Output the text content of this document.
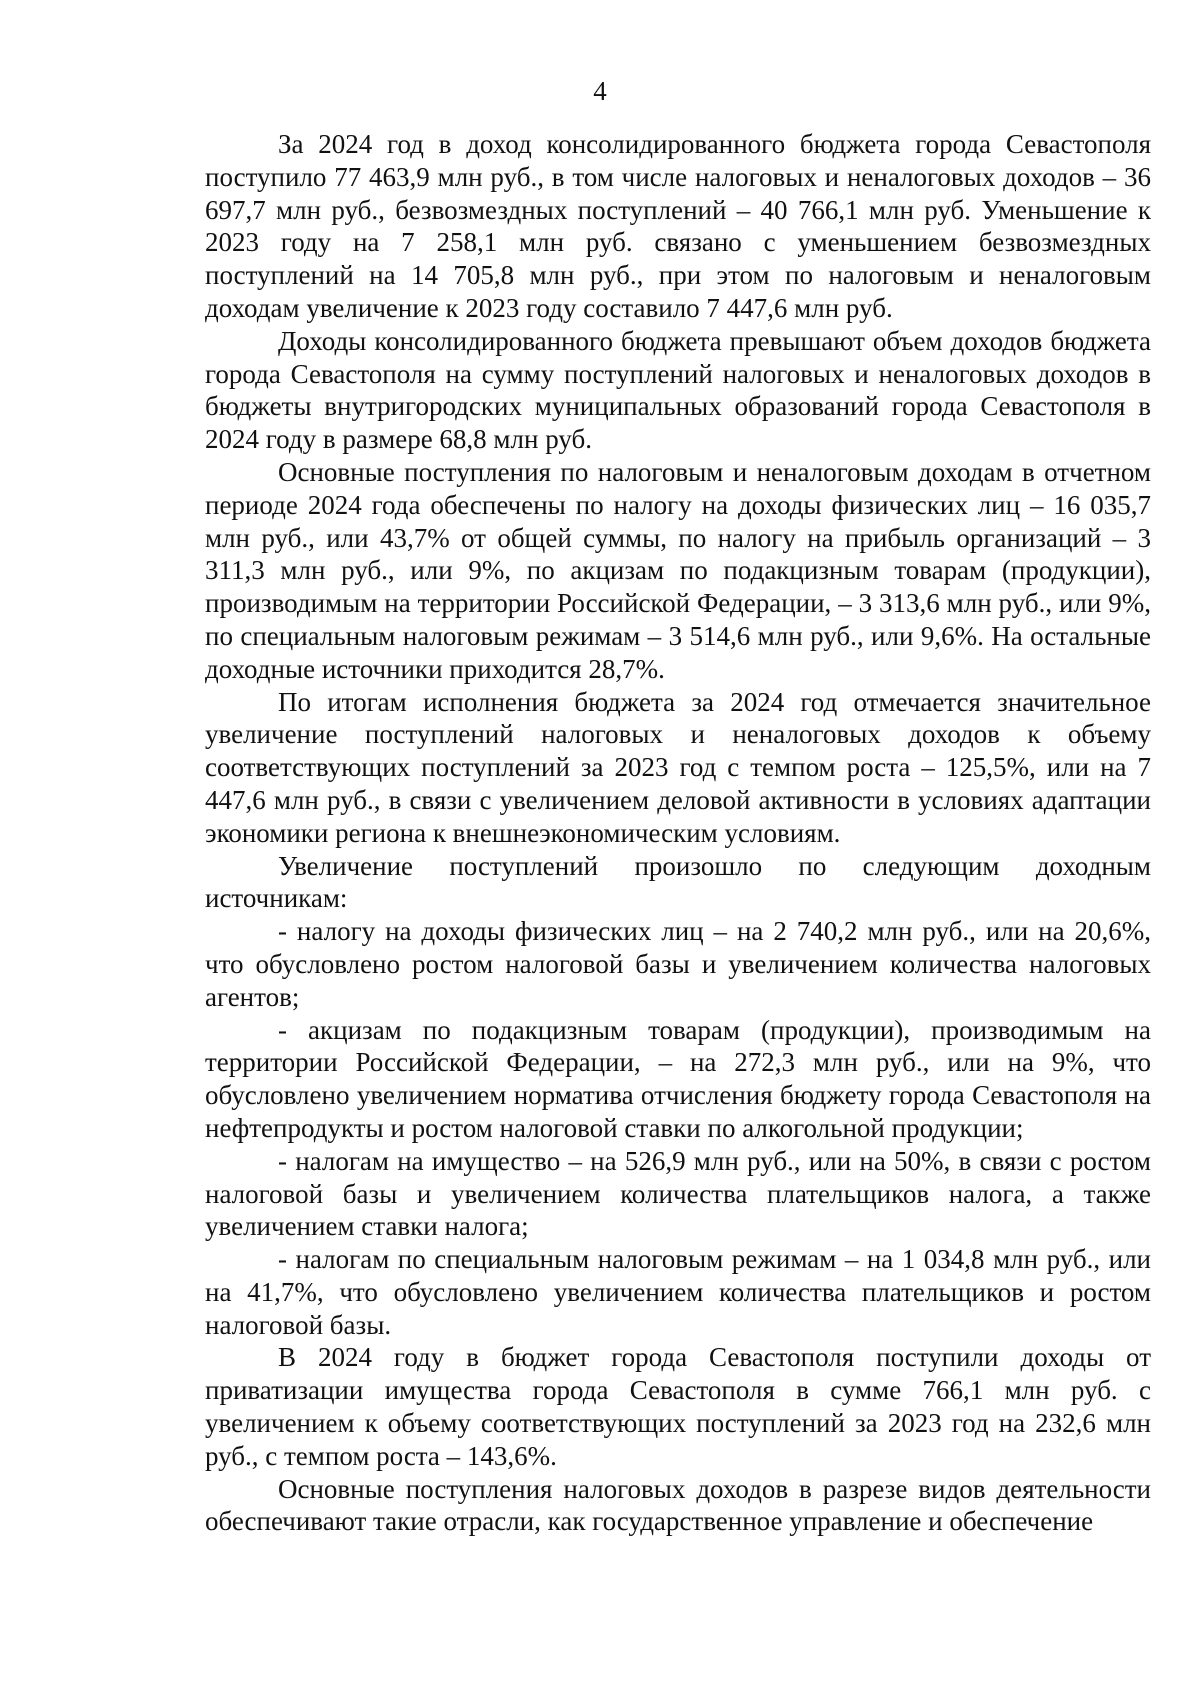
4

За 2024 год в доход консолидированного бюджета города Севастополя поступило 77 463,9 млн руб., в том числе налоговых и неналоговых доходов – 36 697,7 млн руб., безвозмездных поступлений – 40 766,1 млн руб. Уменьшение к 2023 году на 7 258,1 млн руб. связано с уменьшением безвозмездных поступлений на 14 705,8 млн руб., при этом по налоговым и неналоговым доходам увеличение к 2023 году составило 7 447,6 млн руб.

Доходы консолидированного бюджета превышают объем доходов бюджета города Севастополя на сумму поступлений налоговых и неналоговых доходов в бюджеты внутригородских муниципальных образований города Севастополя в 2024 году в размере 68,8 млн руб.

Основные поступления по налоговым и неналоговым доходам в отчетном периоде 2024 года обеспечены по налогу на доходы физических лиц – 16 035,7 млн руб., или 43,7% от общей суммы, по налогу на прибыль организаций – 3 311,3 млн руб., или 9%, по акцизам по подакцизным товарам (продукции), производимым на территории Российской Федерации, – 3 313,6 млн руб., или 9%, по специальным налоговым режимам – 3 514,6 млн руб., или 9,6%. На остальные доходные источники приходится 28,7%.

По итогам исполнения бюджета за 2024 год отмечается значительное увеличение поступлений налоговых и неналоговых доходов к объему соответствующих поступлений за 2023 год с темпом роста – 125,5%, или на 7 447,6 млн руб., в связи с увеличением деловой активности в условиях адаптации экономики региона к внешнеэкономическим условиям.

Увеличение поступлений произошло по следующим доходным источникам:

- налогу на доходы физических лиц – на 2 740,2 млн руб., или на 20,6%, что обусловлено ростом налоговой базы и увеличением количества налоговых агентов;

- акцизам по подакцизным товарам (продукции), производимым на территории Российской Федерации, – на 272,3 млн руб., или на 9%, что обусловлено увеличением норматива отчисления бюджету города Севастополя на нефтепродукты и ростом налоговой ставки по алкогольной продукции;

- налогам на имущество – на 526,9 млн руб., или на 50%, в связи с ростом налоговой базы и увеличением количества плательщиков налога, а также увеличением ставки налога;

- налогам по специальным налоговым режимам – на 1 034,8 млн руб., или на 41,7%, что обусловлено увеличением количества плательщиков и ростом налоговой базы.

В 2024 году в бюджет города Севастополя поступили доходы от приватизации имущества города Севастополя в сумме 766,1 млн руб. с увеличением к объему соответствующих поступлений за 2023 год на 232,6 млн руб., с темпом роста – 143,6%.

Основные поступления налоговых доходов в разрезе видов деятельности обеспечивают такие отрасли, как государственное управление и обеспечение
